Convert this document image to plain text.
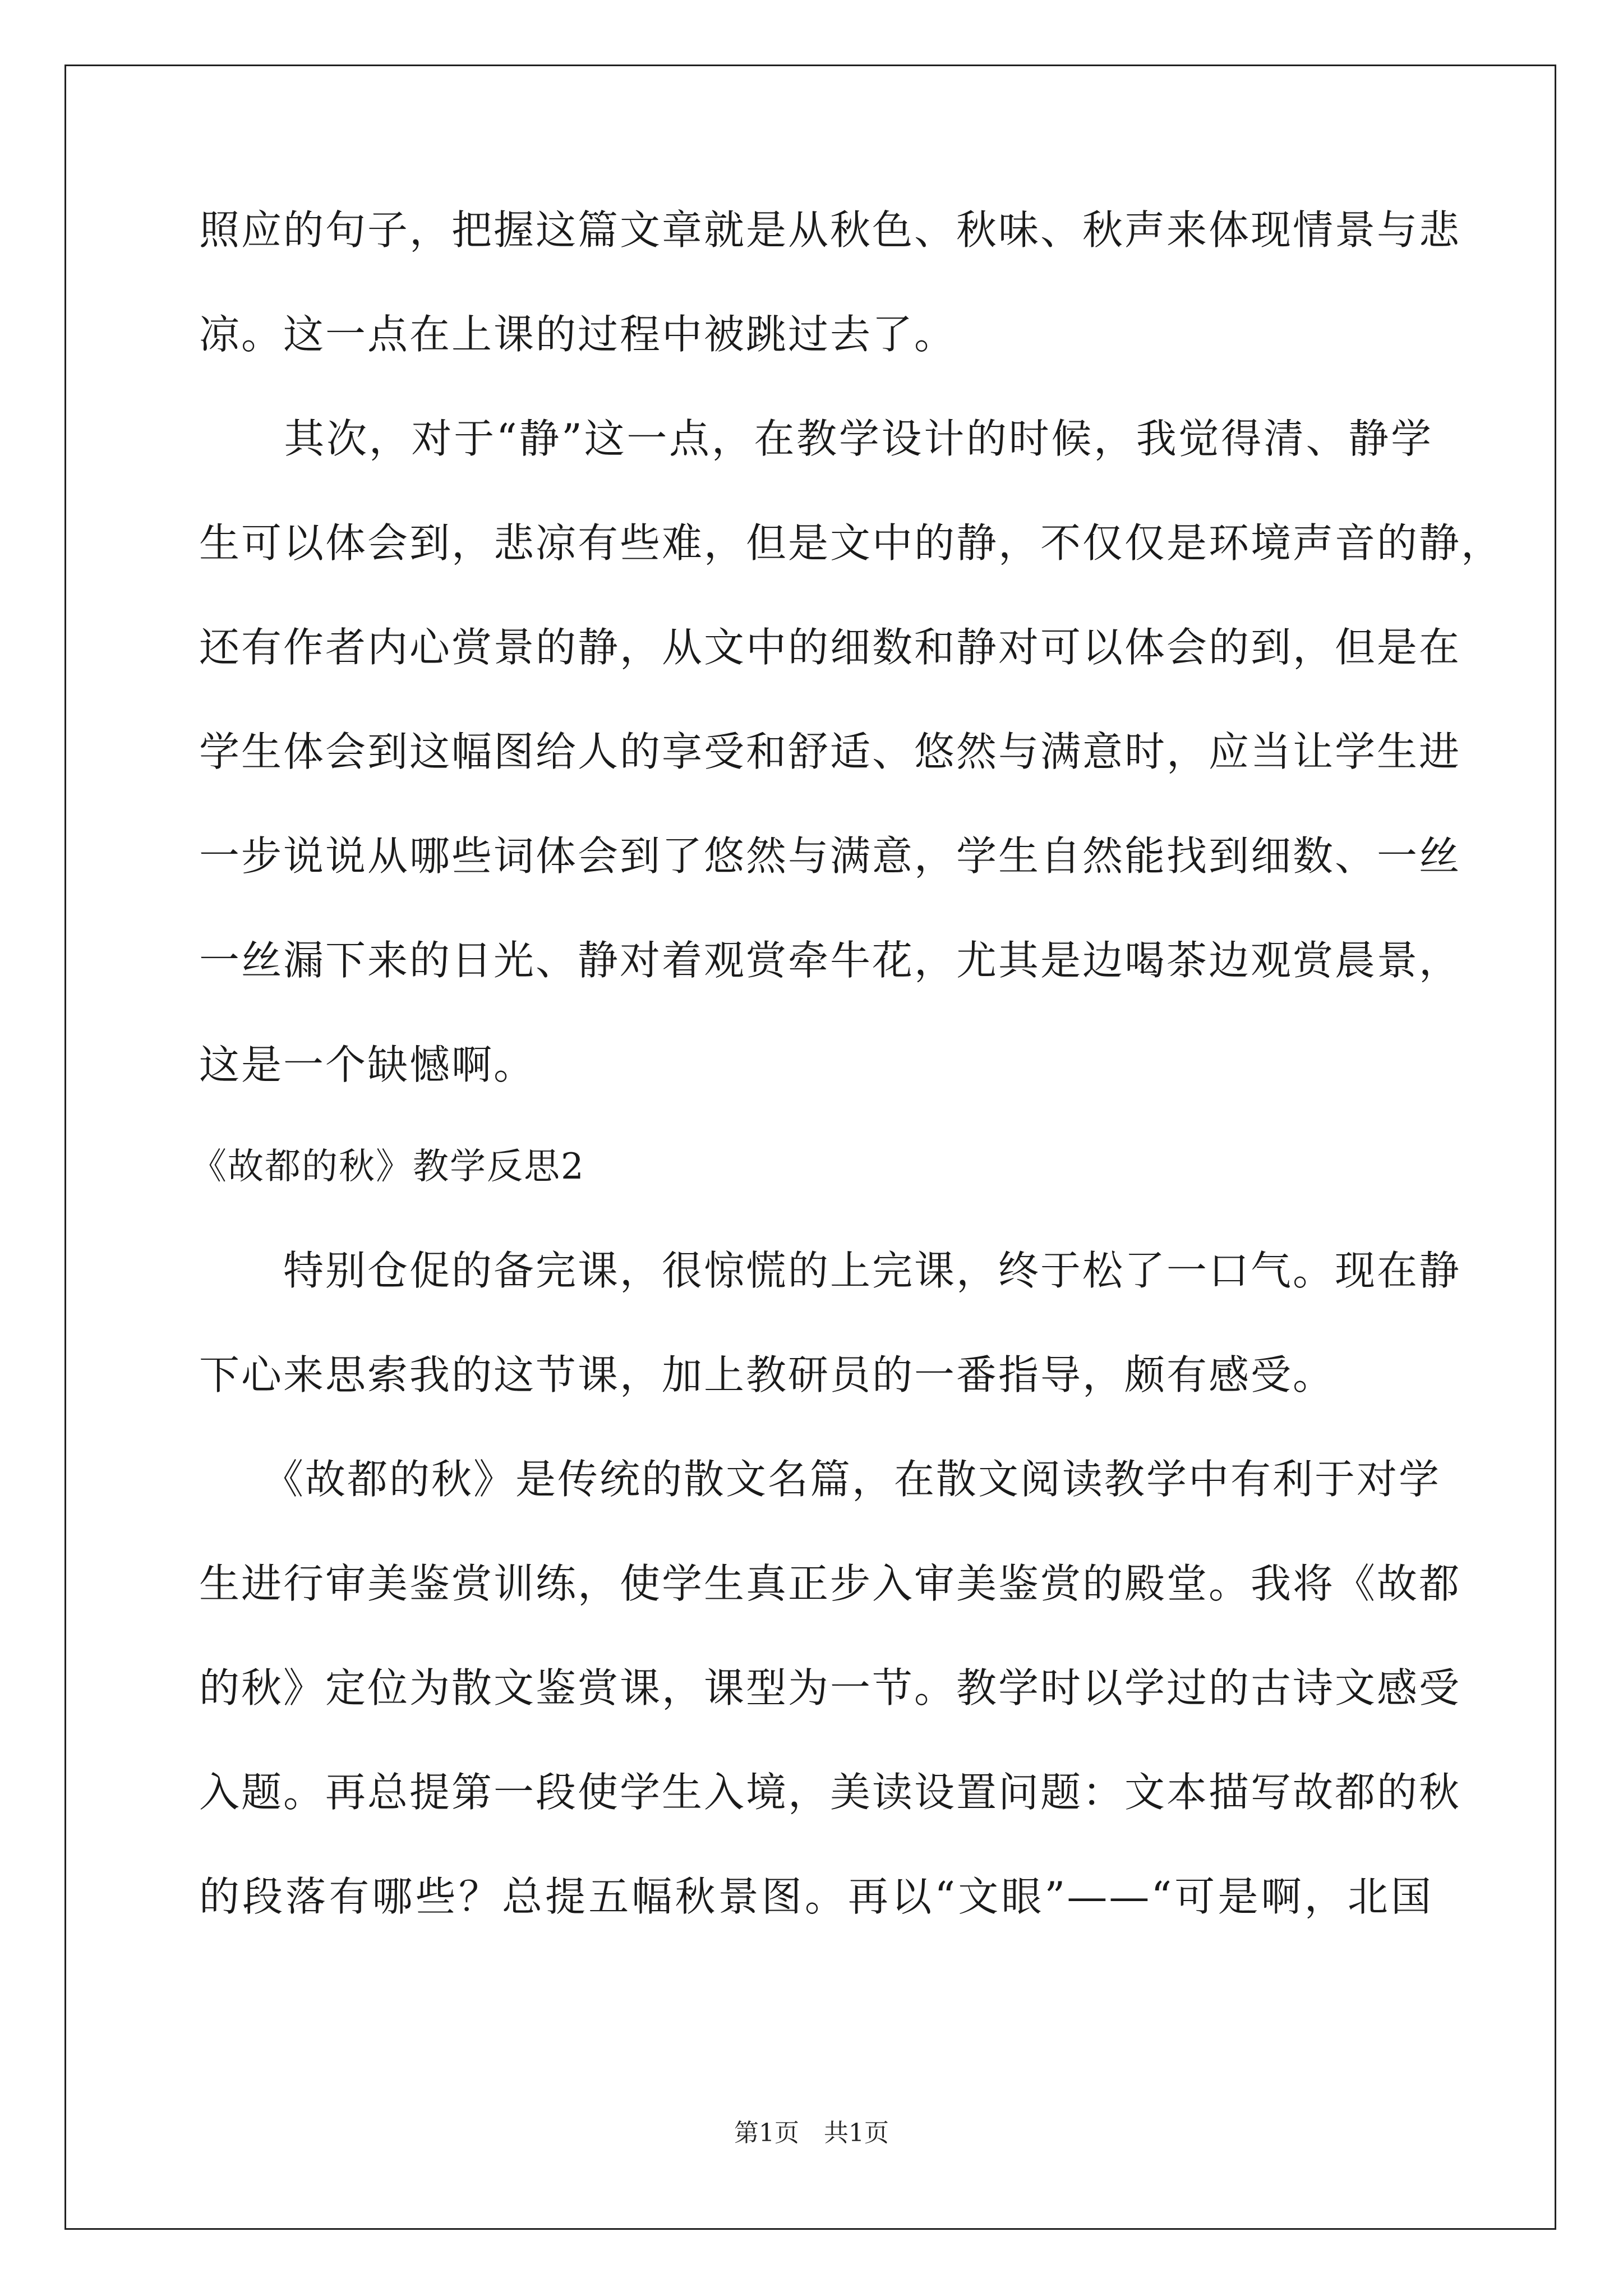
照应的句子，把握这篇文章就是从秋色、秋味、秋声来体现情景与悲
凉。这一点在上课的过程中被跳过去了。
　　其次，对于“静”这一点，在教学设计的时候，我觉得清、静学
生可以体会到，悲凉有些难，但是文中的静，不仅仅是环境声音的静，
还有作者内心赏景的静，从文中的细数和静对可以体会的到，但是在
学生体会到这幅图给人的享受和舒适、悠然与满意时，应当让学生进
一步说说从哪些词体会到了悠然与满意，学生自然能找到细数、一丝
一丝漏下来的日光、静对着观赏牵牛花，尤其是边喝茶边观赏晨景，
这是一个缺憾啊。
《故都的秋》教学反思2
　　特别仓促的备完课，很惊慌的上完课，终于松了一口气。现在静
下心来思索我的这节课，加上教研员的一番指导，颇有感受。
　　《故都的秋》是传统的散文名篇，在散文阅读教学中有利于对学
生进行审美鉴赏训练，使学生真正步入审美鉴赏的殿堂。我将《故都
的秋》定位为散文鉴赏课，课型为一节。教学时以学过的古诗文感受
入题。再总提第一段使学生入境，美读设置问题：文本描写故都的秋
的段落有哪些？总提五幅秋景图。再以“文眼”——“可是啊，北国
第1页　共1页
